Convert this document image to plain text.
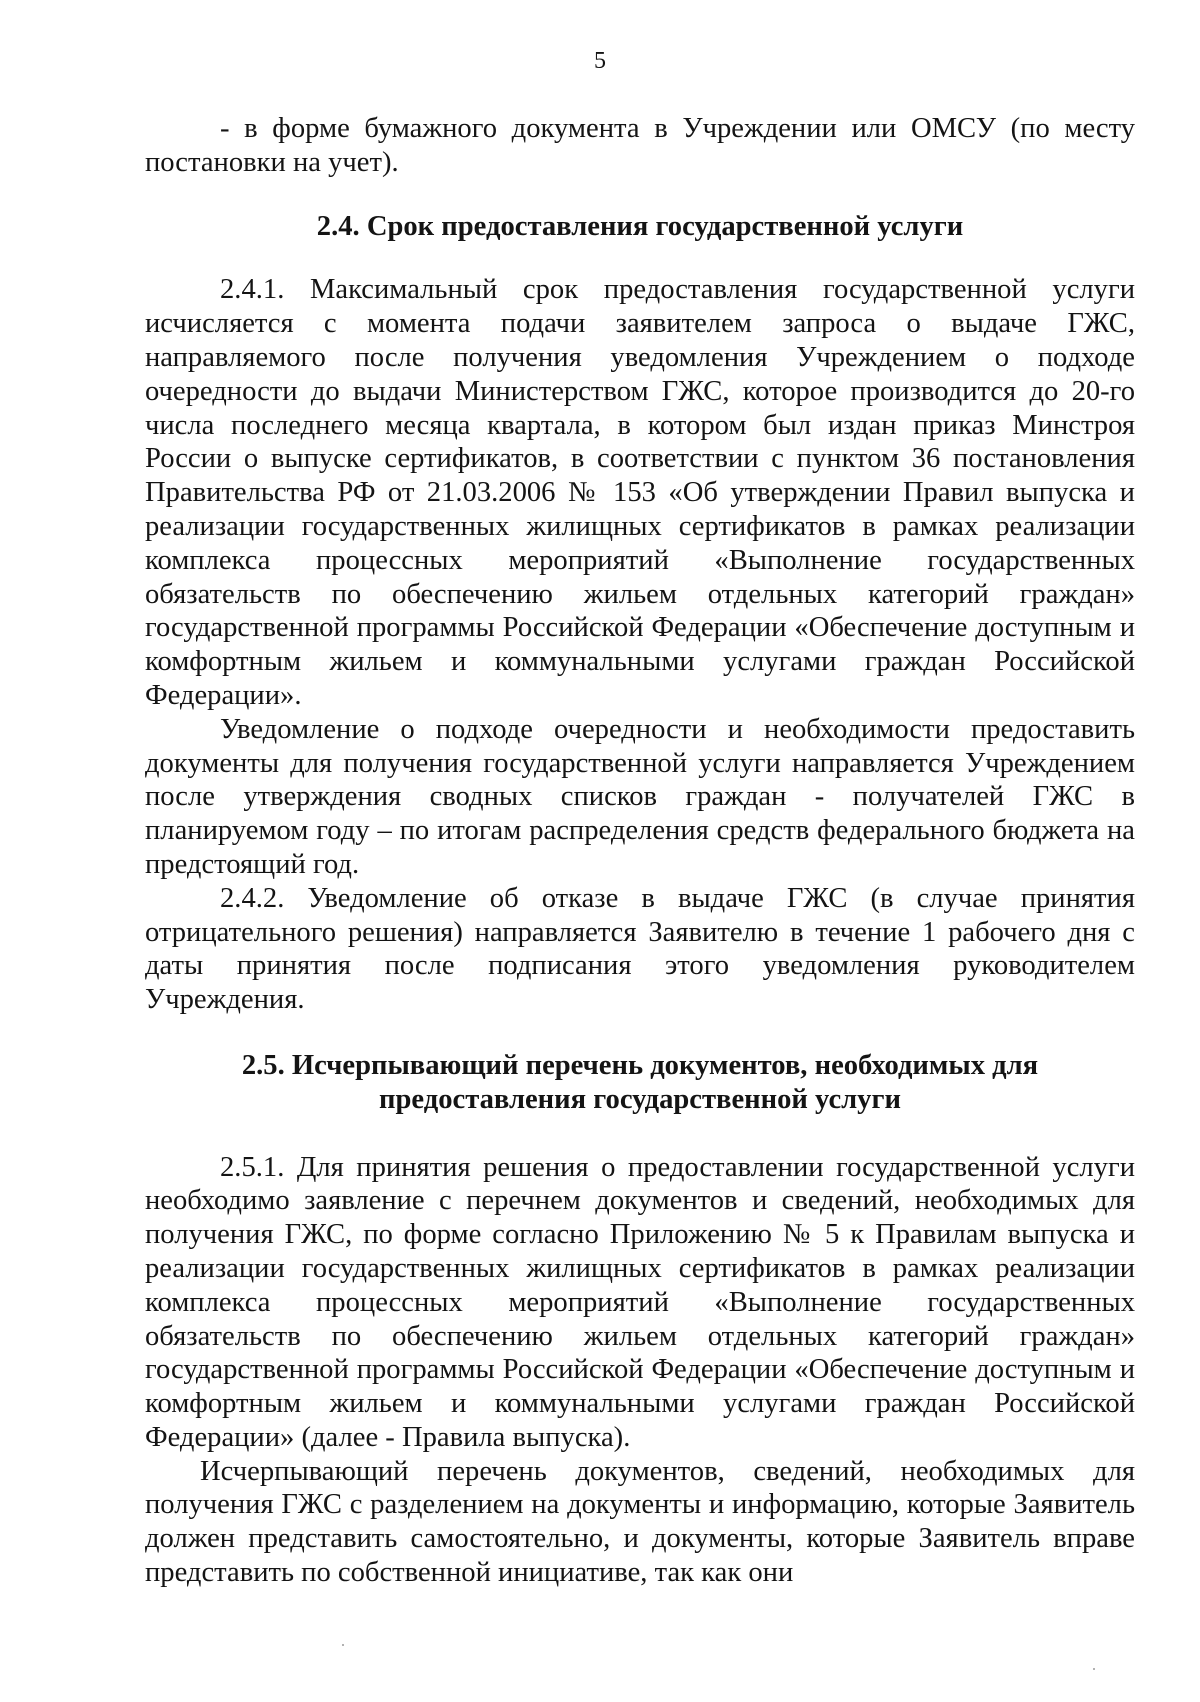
5

- в форме бумажного документа в Учреждении или ОМСУ (по месту постановки на учет).

2.4. Срок предоставления государственной услуги

2.4.1. Максимальный срок предоставления государственной услуги исчисляется с момента подачи заявителем запроса о выдаче ГЖС, направляемого после получения уведомления Учреждением о подходе очередности до выдачи Министерством ГЖС, которое производится до 20-го числа последнего месяца квартала, в котором был издан приказ Минстроя России о выпуске сертификатов, в соответствии с пунктом 36 постановления Правительства РФ от 21.03.2006 № 153 «Об утверждении Правил выпуска и реализации государственных жилищных сертификатов в рамках реализации комплекса процессных мероприятий «Выполнение государственных обязательств по обеспечению жильем отдельных категорий граждан» государственной программы Российской Федерации «Обеспечение доступным и комфортным жильем и коммунальными услугами граждан Российской Федерации».

Уведомление о подходе очередности и необходимости предоставить документы для получения государственной услуги направляется Учреждением после утверждения сводных списков граждан - получателей ГЖС в планируемом году – по итогам распределения средств федерального бюджета на предстоящий год.

2.4.2. Уведомление об отказе в выдаче ГЖС (в случае принятия отрицательного решения) направляется Заявителю в течение 1 рабочего дня с даты принятия после подписания этого уведомления руководителем Учреждения.

2.5. Исчерпывающий перечень документов, необходимых для
предоставления государственной услуги

2.5.1. Для принятия решения о предоставлении государственной услуги необходимо заявление с перечнем документов и сведений, необходимых для получения ГЖС, по форме согласно Приложению № 5 к Правилам выпуска и реализации государственных жилищных сертификатов в рамках реализации комплекса процессных мероприятий «Выполнение государственных обязательств по обеспечению жильем отдельных категорий граждан» государственной программы Российской Федерации «Обеспечение доступным и комфортным жильем и коммунальными услугами граждан Российской Федерации» (далее - Правила выпуска).

Исчерпывающий перечень документов, сведений, необходимых для получения ГЖС с разделением на документы и информацию, которые Заявитель должен представить самостоятельно, и документы, которые Заявитель вправе представить по собственной инициативе, так как они
